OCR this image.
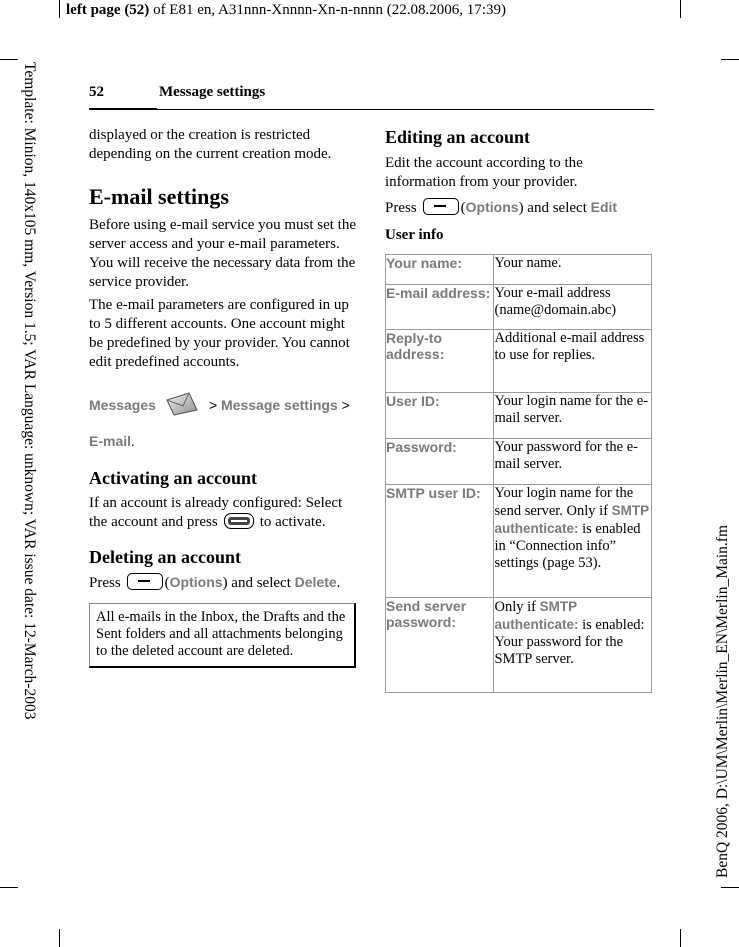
left page (52) of E81 en, A31nnn-Xnnnn-Xn-n-nnnn (22.08.2006, 17:39)
Template: Minion, 140x105 mm, Version 1.5; VAR Language: unknown; VAR issue date: 12-March-2003	BenQ 2006, D:\UM\Merlin\Merlin_EN\Merlin_Main.fm
52	Message settings
displayed or the creation is restricted depending on the current creation mode.
E-mail settings
Before using e-mail service you must set the server access and your e-mail parameters. You will receive the necessary data from the service provider.
The e-mail parameters are configured in up to 5 different accounts. One account might be predefined by your provider. You cannot edit predefined accounts.
Messages	> Message settings >
E-mail.
Activating an account
If an account is already configured: Select the account and press	to activate.
Deleting an account
Press	(Options) and select Delete.
All e-mails in the Inbox, the Drafts and the Sent folders and all attachments belonging to the deleted account are deleted.
Editing an account
Edit the account according to the information from your provider.
Press	(Options) and select Edit
User info
Your name:	Your name.
E-mail address:	Your e-mail address (name@domain.abc)
Reply-to address:	Additional e-mail address to use for replies.
User ID:	Your login name for the e-mail server.
Password:	Your password for the e-mail server.
SMTP user ID:	Your login name for the send server. Only if SMTP authenticate: is enabled in “Connection info” settings (page 53).
Send server password:	Only if SMTP authenticate: is enabled: Your password for the SMTP server.
